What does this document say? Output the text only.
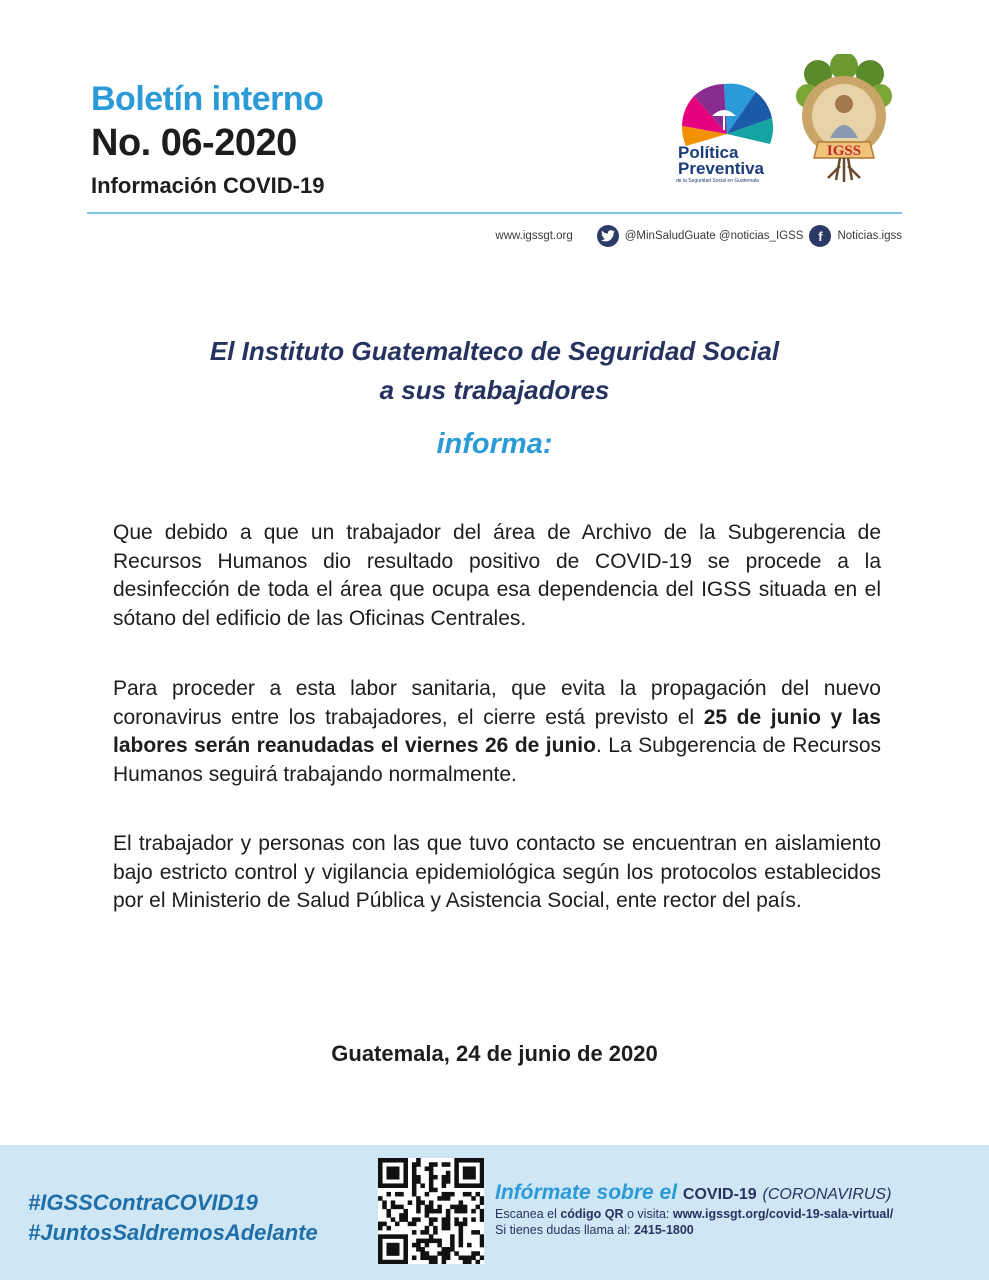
Boletín interno
No. 06-2020
Información COVID-19
Política
Preventiva
de la Seguridad Social en Guatemala
IGSS
www.igssgt.org	@MinSaludGuate @noticias_IGSS	f	Noticias.igss
El Instituto Guatemalteco de Seguridad Social
a sus trabajadores
informa:
Que debido a que un trabajador del área de Archivo de la Subgerencia de Recursos Humanos dio resultado positivo de COVID-19 se procede a la desinfección de toda el área que ocupa esa dependencia del IGSS situada en el sótano del edificio de las Oficinas Centrales.
Para proceder a esta labor sanitaria, que evita la propagación del nuevo coronavirus entre los trabajadores, el cierre está previsto el 25 de junio y las labores serán reanudadas el viernes 26 de junio. La Subgerencia de Recursos Humanos seguirá trabajando normalmente.
El trabajador y personas con las que tuvo contacto se encuentran en aislamiento bajo estricto control y vigilancia epidemiológica según los protocolos establecidos por el Ministerio de Salud Pública y Asistencia Social, ente rector del país.
Guatemala, 24 de junio de 2020
#IGSSContraCOVID19
#JuntosSaldremosAdelante
Infórmate sobre el COVID-19 (CORONAVIRUS)
Escanea el código QR o visita: www.igssgt.org/covid-19-sala-virtual/
Si tienes dudas llama al: 2415-1800
